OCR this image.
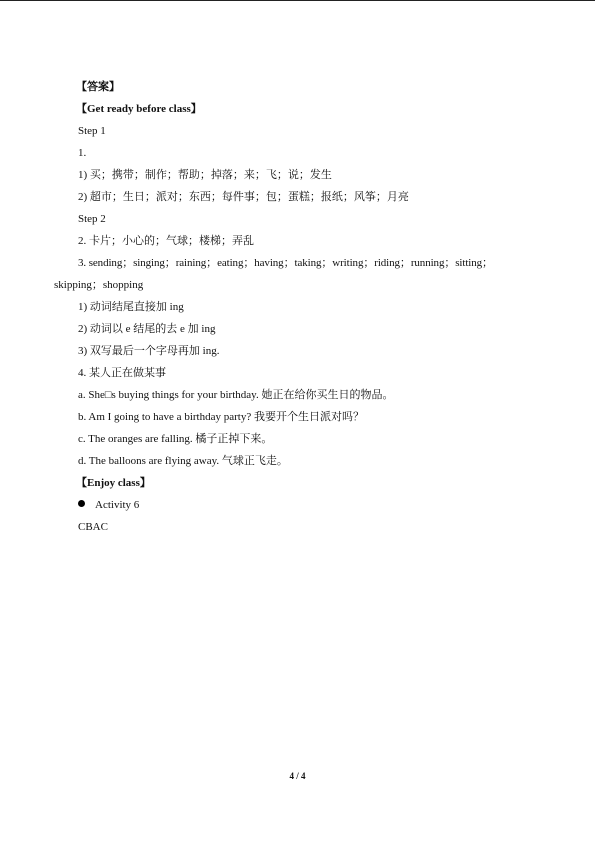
【答案】
【Get ready before class】
Step 1
1.
1) 买；携带；制作；帮助；掉落；来；飞；说；发生
2) 超市；生日；派对；东西；每件事；包；蛋糕；报纸；风筝；月亮
Step 2
2. 卡片；小心的；气球；楼梯；弄乱
3. sending；singing；raining；eating；having；taking；writing；riding；running；sitting；
skipping；shopping
1) 动词结尾直接加 ing
2) 动词以 e 结尾的去 e 加 ing
3) 双写最后一个字母再加 ing.
4. 某人正在做某事
a. She□s buying things for your birthday. 她正在给你买生日的物品。
b. Am I going to have a birthday party? 我要开个生日派对吗？
c. The oranges are falling. 橘子正掉下来。
d. The balloons are flying away. 气球正飞走。
【Enjoy class】
Activity 6
CBAC
4 / 4
